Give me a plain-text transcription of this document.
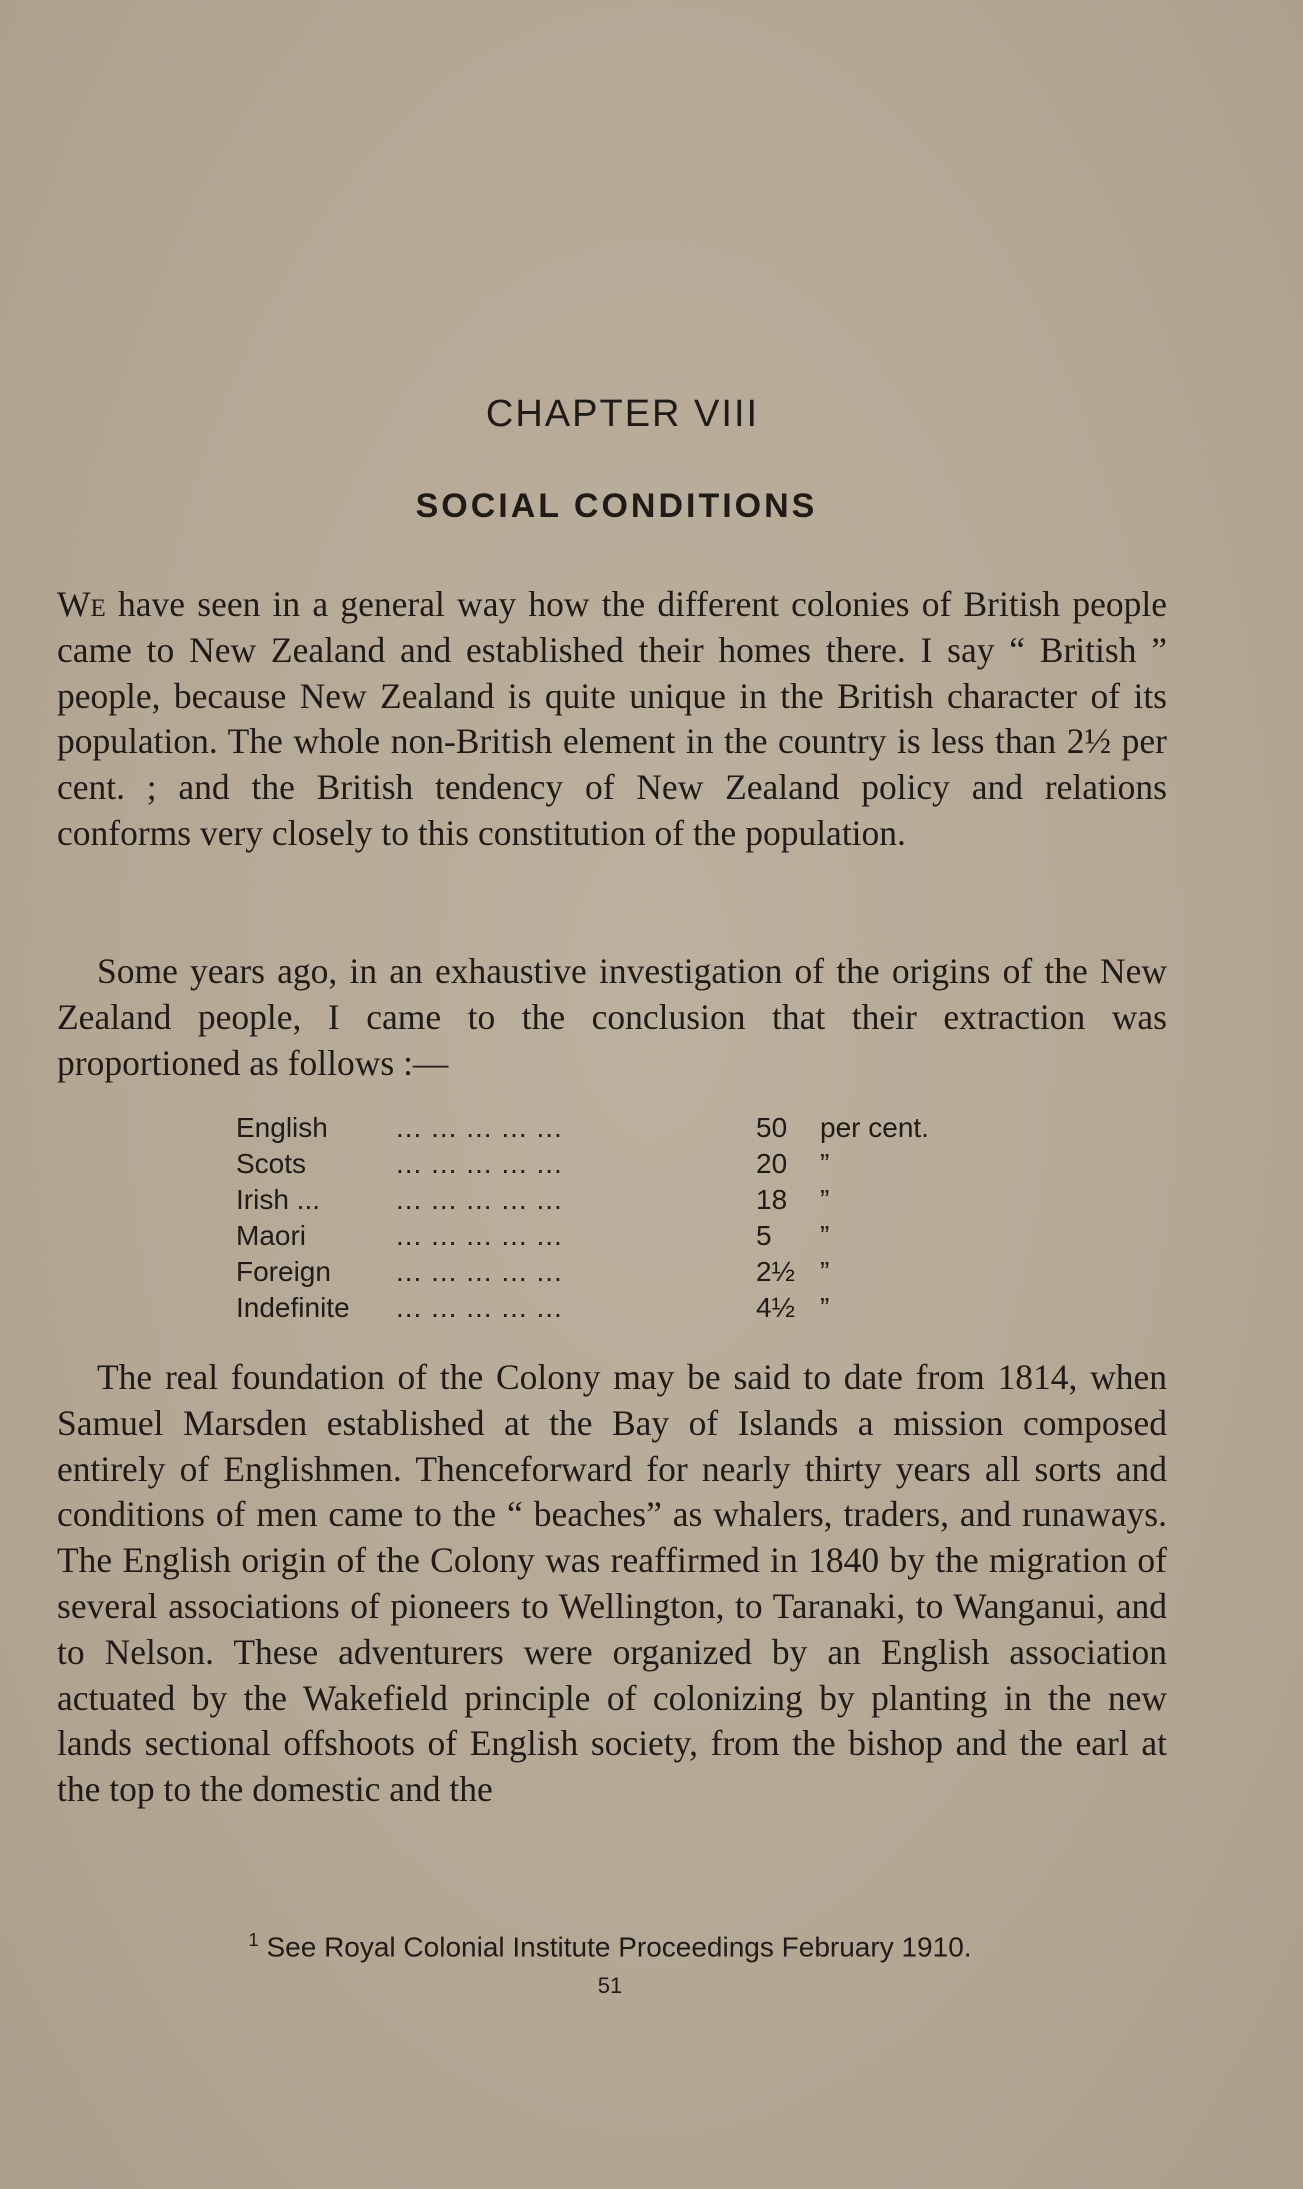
CHAPTER VIII
SOCIAL CONDITIONS
We have seen in a general way how the different colonies of British people came to New Zealand and established their homes there. I say “ British ” people, because New Zealand is quite unique in the British character of its population. The whole non-British element in the country is less than 2½ per cent. ; and the British tendency of New Zealand policy and relations conforms very closely to this constitution of the population.
Some years ago, in an exhaustive investigation of the origins of the New Zealand people, I came to the conclusion that their extraction was proportioned as follows :—
English	... ... ... ... ...	50	per cent.
Scots	... ... ... ... ...	20	”
Irish ...	... ... ... ... ...	18	”
Maori	... ... ... ... ...	5	”
Foreign	... ... ... ... ...	2½ ”
Indefinite	... ... ... ... ...	4½ ”
The real foundation of the Colony may be said to date from 1814, when Samuel Marsden established at the Bay of Islands a mission composed entirely of Englishmen. Thenceforward for nearly thirty years all sorts and conditions of men came to the “ beaches” as whalers, traders, and runaways. The English origin of the Colony was reaffirmed in 1840 by the migration of several associations of pioneers to Wellington, to Taranaki, to Wanganui, and to Nelson. These adventurers were organized by an English association actuated by the Wakefield principle of colonizing by planting in the new lands sectional offshoots of English society, from the bishop and the earl at the top to the domestic and the
$^1$ See Royal Colonial Institute Proceedings February 1910.
51
